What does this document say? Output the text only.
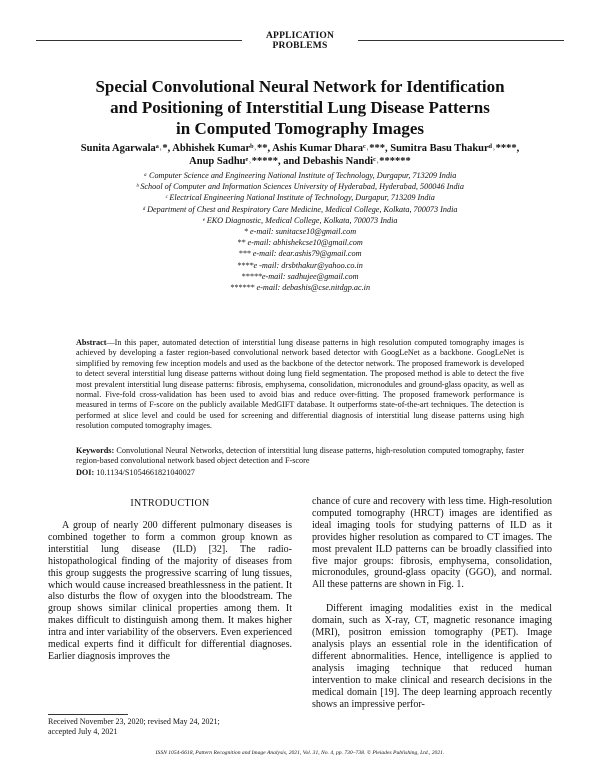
APPLICATION
PROBLEMS
Special Convolutional Neural Network for Identification
and Positioning of Interstitial Lung Disease Patterns
in Computed Tomography Images
Sunita Agarwalaᵃ˒*, Abhishek Kumarᵇ˒**, Ashis Kumar Dharaᶜ˒***, Sumitra Basu Thakurᵈ˒****,
Anup Sadhuᵉ˒*****, and Debashis Nandiᶜ˒******
ᵃ Computer Science and Engineering National Institute of Technology, Durgapur, 713209 India
ᵇ School of Computer and Information Sciences University of Hyderabad, Hyderabad, 500046 India
ᶜ Electrical Engineering National Institute of Technology, Durgapur, 713209 India
ᵈ Department of Chest and Respiratory Care Medicine, Medical College, Kolkata, 700073 India
ᵉ EKO Diagnostic, Medical College, Kolkata, 700073 India
* e-mail: sunitacse10@gmail.com
** e-mail: abhishekcse10@gmail.com
*** e-mail: dear.ashis79@gmail.com
****e -mail: drsbthakur@yahoo.co.in
*****e-mail: sadhujee@gmail.com
****** e-mail: debashis@cse.nitdgp.ac.in
Abstract—In this paper, automated detection of interstitial lung disease patterns in high resolution computed tomography images is achieved by developing a faster region-based convolutional network based detector with GoogLeNet as a backbone. GoogLeNet is simplified by removing few inception models and used as the backbone of the detector network. The proposed framework is developed to detect several interstitial lung disease patterns without doing lung field segmentation. The proposed method is able to detect the five most prevalent interstitial lung disease patterns: fibrosis, emphysema, consolidation, micronodules and ground-glass opacity, as well as normal. Five-fold cross-validation has been used to avoid bias and reduce over-fitting. The proposed framework performance is measured in terms of F-score on the publicly available MedGIFT database. It outperforms state-of-the-art techniques. The detection is performed at slice level and could be used for screening and differential diagnosis of interstitial lung disease patterns using high resolution computed tomography images.
Keywords: Convolutional Neural Networks, detection of interstitial lung disease patterns, high-resolution computed tomography, faster region-based convolutional network based object detection and F-score
DOI: 10.1134/S1054661821040027
INTRODUCTION

A group of nearly 200 different pulmonary diseases is combined together to form a common group known as interstitial lung disease (ILD) [32]. The radio-histopathological finding of the majority of diseases from this group suggests the progressive scarring of lung tissues, which would cause increased breathlessness in the patient. It also disturbs the flow of oxygen into the bloodstream. The group shows similar clinical properties among them. It makes difficult to distinguish among them. It makes higher intra and inter variability of the observers. Even experienced medical experts find it difficult for differential diagnoses. Earlier diagnosis improves the

Received November 23, 2020; revised May 24, 2021;
accepted July 4, 2021

chance of cure and recovery with less time. High-resolution computed tomography (HRCT) images are identified as ideal imaging tools for studying patterns of ILD as it provides higher resolution as compared to CT images. The most prevalent ILD patterns can be broadly classified into five major groups: fibrosis, emphysema, consolidation, micronodules, ground-glass opacity (GGO), and normal. All these patterns are shown in Fig. 1.

Different imaging modalities exist in the medical domain, such as X-ray, CT, magnetic resonance imaging (MRI), positron emission tomography (PET). Image analysis plays an essential role in the identification of different abnormalities. Hence, intelligence is applied to analysis imaging technique that reduced human intervention to make clinical and research decisions in the medical domain [19]. The deep learning approach recently shows an impressive perfor-

ISSN 1054-6618, Pattern Recognition and Image Analysis, 2021, Vol. 31, No. 4, pp. 730–738. © Pleiades Publishing, Ltd., 2021.
